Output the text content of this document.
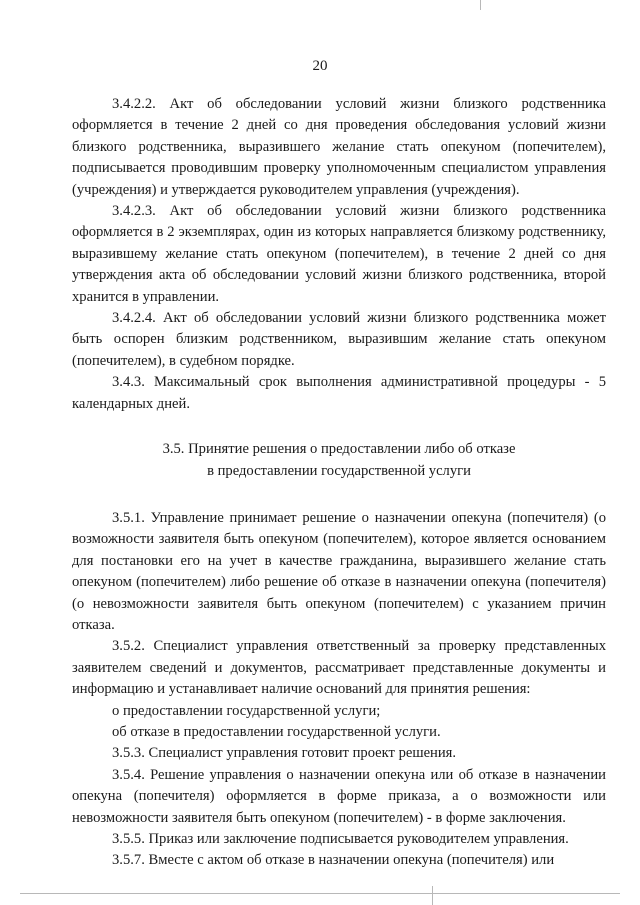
20

3.4.2.2. Акт об обследовании условий жизни близкого родственника оформляется в течение 2 дней со дня проведения обследования условий жизни близкого родственника, выразившего желание стать опекуном (попечителем), подписывается проводившим проверку уполномоченным специалистом управления (учреждения) и утверждается руководителем управления (учреждения).

3.4.2.3. Акт об обследовании условий жизни близкого родственника оформляется в 2 экземплярах, один из которых направляется близкому родственнику, выразившему желание стать опекуном (попечителем), в течение 2 дней со дня утверждения акта об обследовании условий жизни близкого родственника, второй хранится в управлении.

3.4.2.4. Акт об обследовании условий жизни близкого родственника может быть оспорен близким родственником, выразившим желание стать опекуном (попечителем), в судебном порядке.

3.4.3. Максимальный срок выполнения административной процедуры - 5 календарных дней.

3.5. Принятие решения о предоставлении либо об отказе
в предоставлении государственной услуги

3.5.1. Управление принимает решение о назначении опекуна (попечителя) (о возможности заявителя быть опекуном (попечителем), которое является основанием для постановки его на учет в качестве гражданина, выразившего желание стать опекуном (попечителем) либо решение об отказе в назначении опекуна (попечителя) (о невозможности заявителя быть опекуном (попечителем) с указанием причин отказа.

3.5.2. Специалист управления ответственный за проверку представленных заявителем сведений и документов, рассматривает представленные документы и информацию и устанавливает наличие оснований для принятия решения:

о предоставлении государственной услуги;

об отказе в предоставлении государственной услуги.

3.5.3. Специалист управления готовит проект решения.

3.5.4. Решение управления о назначении опекуна или об отказе в назначении опекуна (попечителя) оформляется в форме приказа, а о возможности или невозможности заявителя быть опекуном (попечителем) - в форме заключения.

3.5.5. Приказ или заключение подписывается руководителем управления.

3.5.7. Вместе с актом об отказе в назначении опекуна (попечителя) или
